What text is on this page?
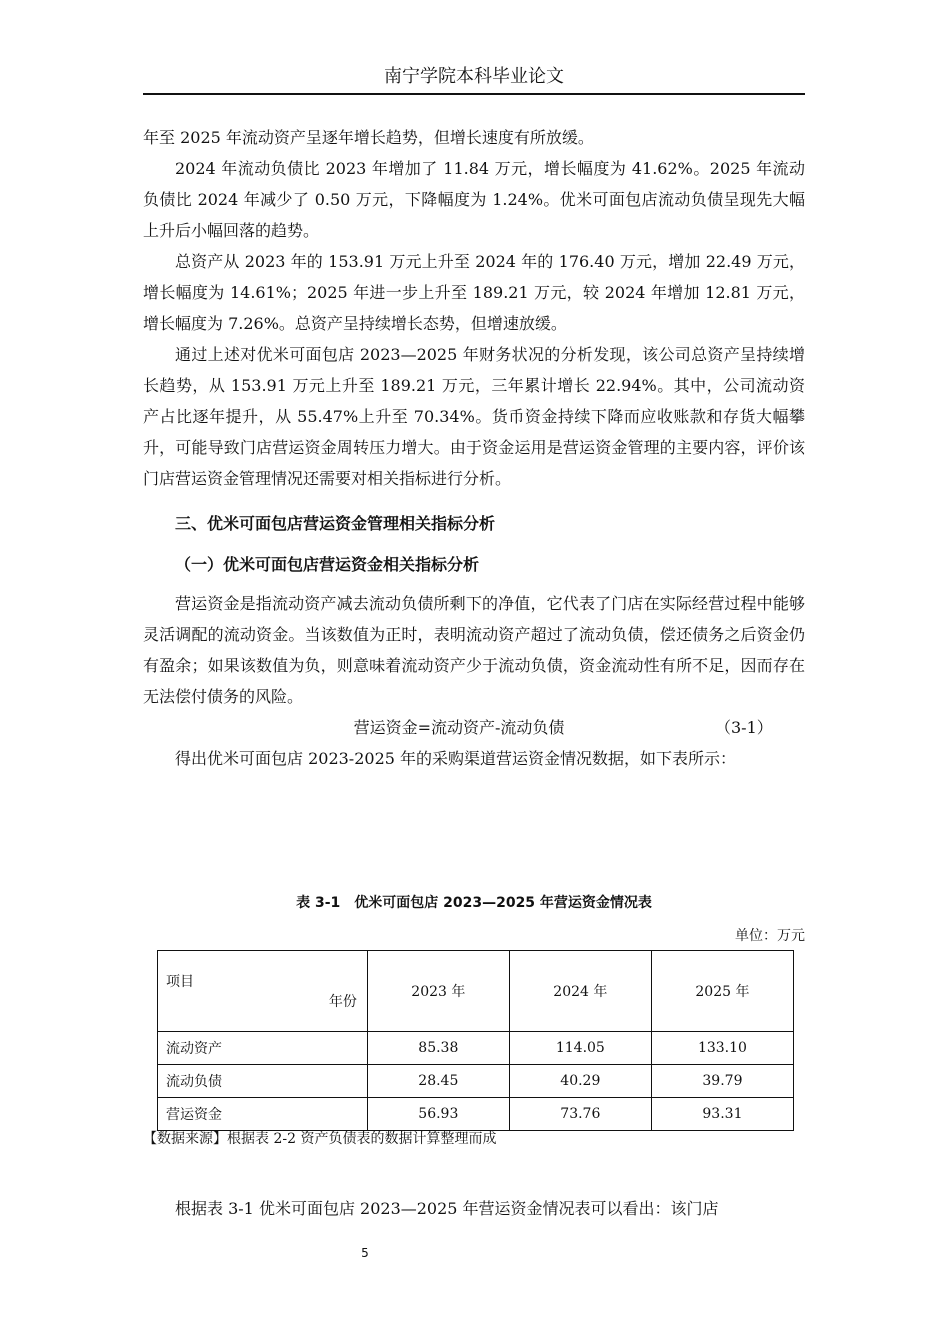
南宁学院本科毕业论文

年至 2025 年流动资产呈逐年增长趋势，但增长速度有所放缓。

2024 年流动负债比 2023 年增加了 11.84 万元，增长幅度为 41.62%。2025 年流动负债比 2024 年减少了 0.50 万元，下降幅度为 1.24%。优米可面包店流动负债呈现先大幅上升后小幅回落的趋势。

总资产从 2023 年的 153.91 万元上升至 2024 年的 176.40 万元，增加 22.49 万元，增长幅度为 14.61%；2025 年进一步上升至 189.21 万元，较 2024 年增加 12.81 万元，增长幅度为 7.26%。总资产呈持续增长态势，但增速放缓。

通过上述对优米可面包店 2023—2025 年财务状况的分析发现，该公司总资产呈持续增长趋势，从 153.91 万元上升至 189.21 万元，三年累计增长 22.94%。其中，公司流动资产占比逐年提升，从 55.47%上升至 70.34%。货币资金持续下降而应收账款和存货大幅攀升，可能导致门店营运资金周转压力增大。由于资金运用是营运资金管理的主要内容，评价该门店营运资金管理情况还需要对相关指标进行分析。

三、优米可面包店营运资金管理相关指标分析

（一）优米可面包店营运资金相关指标分析

营运资金是指流动资产减去流动负债所剩下的净值，它代表了门店在实际经营过程中能够灵活调配的流动资金。当该数值为正时，表明流动资产超过了流动负债，偿还债务之后资金仍有盈余；如果该数值为负，则意味着流动资产少于流动负债，资金流动性有所不足，因而存在无法偿付债务的风险。

营运资金=流动资产-流动负债	（3-1）

得出优米可面包店 2023-2025 年的采购渠道营运资金情况数据，如下表所示：

表 3-1　优米可面包店 2023—2025 年营运资金情况表
单位：万元
项目
年份	2023 年	2024 年	2025 年
流动资产	85.38	114.05	133.10
流动负债	28.45	40.29	39.79
营运资金	56.93	73.76	93.31
【数据来源】根据表 2-2 资产负债表的数据计算整理而成
根据表 3-1 优米可面包店 2023—2025 年营运资金情况表可以看出：该门店
5
